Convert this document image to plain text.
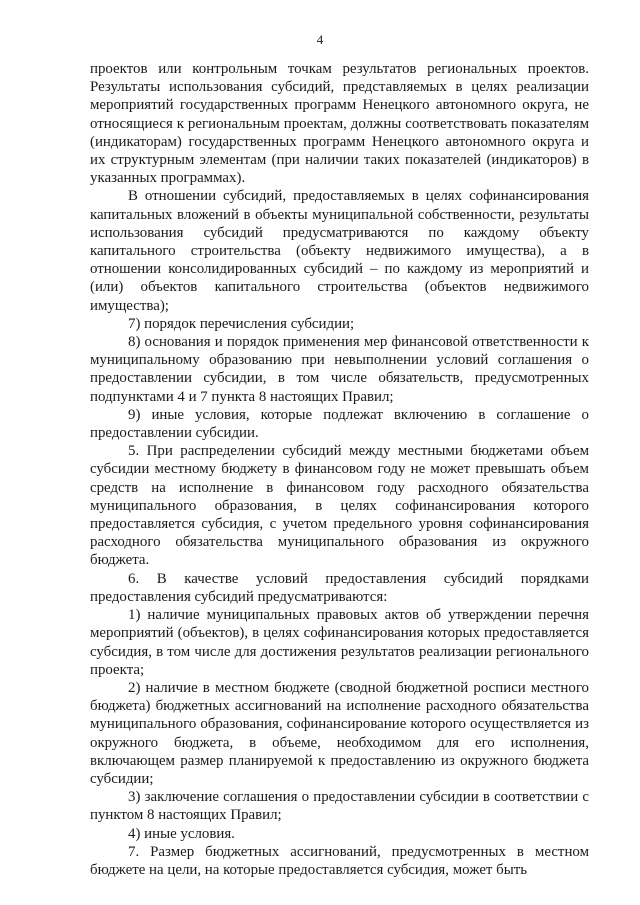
4

проектов или контрольным точкам результатов региональных проектов. Результаты использования субсидий, представляемых в целях реализации мероприятий государственных программ Ненецкого автономного округа, не относящиеся к региональным проектам, должны соответствовать показателям (индикаторам) государственных программ Ненецкого автономного округа и их структурным элементам (при наличии таких показателей (индикаторов) в указанных программах).

В отношении субсидий, предоставляемых в целях софинансирования капитальных вложений в объекты муниципальной собственности, результаты использования субсидий предусматриваются по каждому объекту капитального строительства (объекту недвижимого имущества), а в отношении консолидированных субсидий – по каждому из мероприятий и (или) объектов капитального строительства (объектов недвижимого имущества);

7) порядок перечисления субсидии;

8) основания и порядок применения мер финансовой ответственности к муниципальному образованию при невыполнении условий соглашения о предоставлении субсидии, в том числе обязательств, предусмотренных подпунктами 4 и 7 пункта 8 настоящих Правил;

9) иные условия, которые подлежат включению в соглашение о предоставлении субсидии.

5. При распределении субсидий между местными бюджетами объем субсидии местному бюджету в финансовом году не может превышать объем средств на исполнение в финансовом году расходного обязательства муниципального образования, в целях софинансирования которого предоставляется субсидия, с учетом предельного уровня софинансирования расходного обязательства муниципального образования из окружного бюджета.

6. В качестве условий предоставления субсидий порядками предоставления субсидий предусматриваются:

1) наличие муниципальных правовых актов об утверждении перечня мероприятий (объектов), в целях софинансирования которых предоставляется субсидия, в том числе для достижения результатов реализации регионального проекта;

2) наличие в местном бюджете (сводной бюджетной росписи местного бюджета) бюджетных ассигнований на исполнение расходного обязательства муниципального образования, софинансирование которого осуществляется из окружного бюджета, в объеме, необходимом для его исполнения, включающем размер планируемой к предоставлению из окружного бюджета субсидии;

3) заключение соглашения о предоставлении субсидии в соответствии с пунктом 8 настоящих Правил;

4) иные условия.

7. Размер бюджетных ассигнований, предусмотренных в местном бюджете на цели, на которые предоставляется субсидия, может быть
